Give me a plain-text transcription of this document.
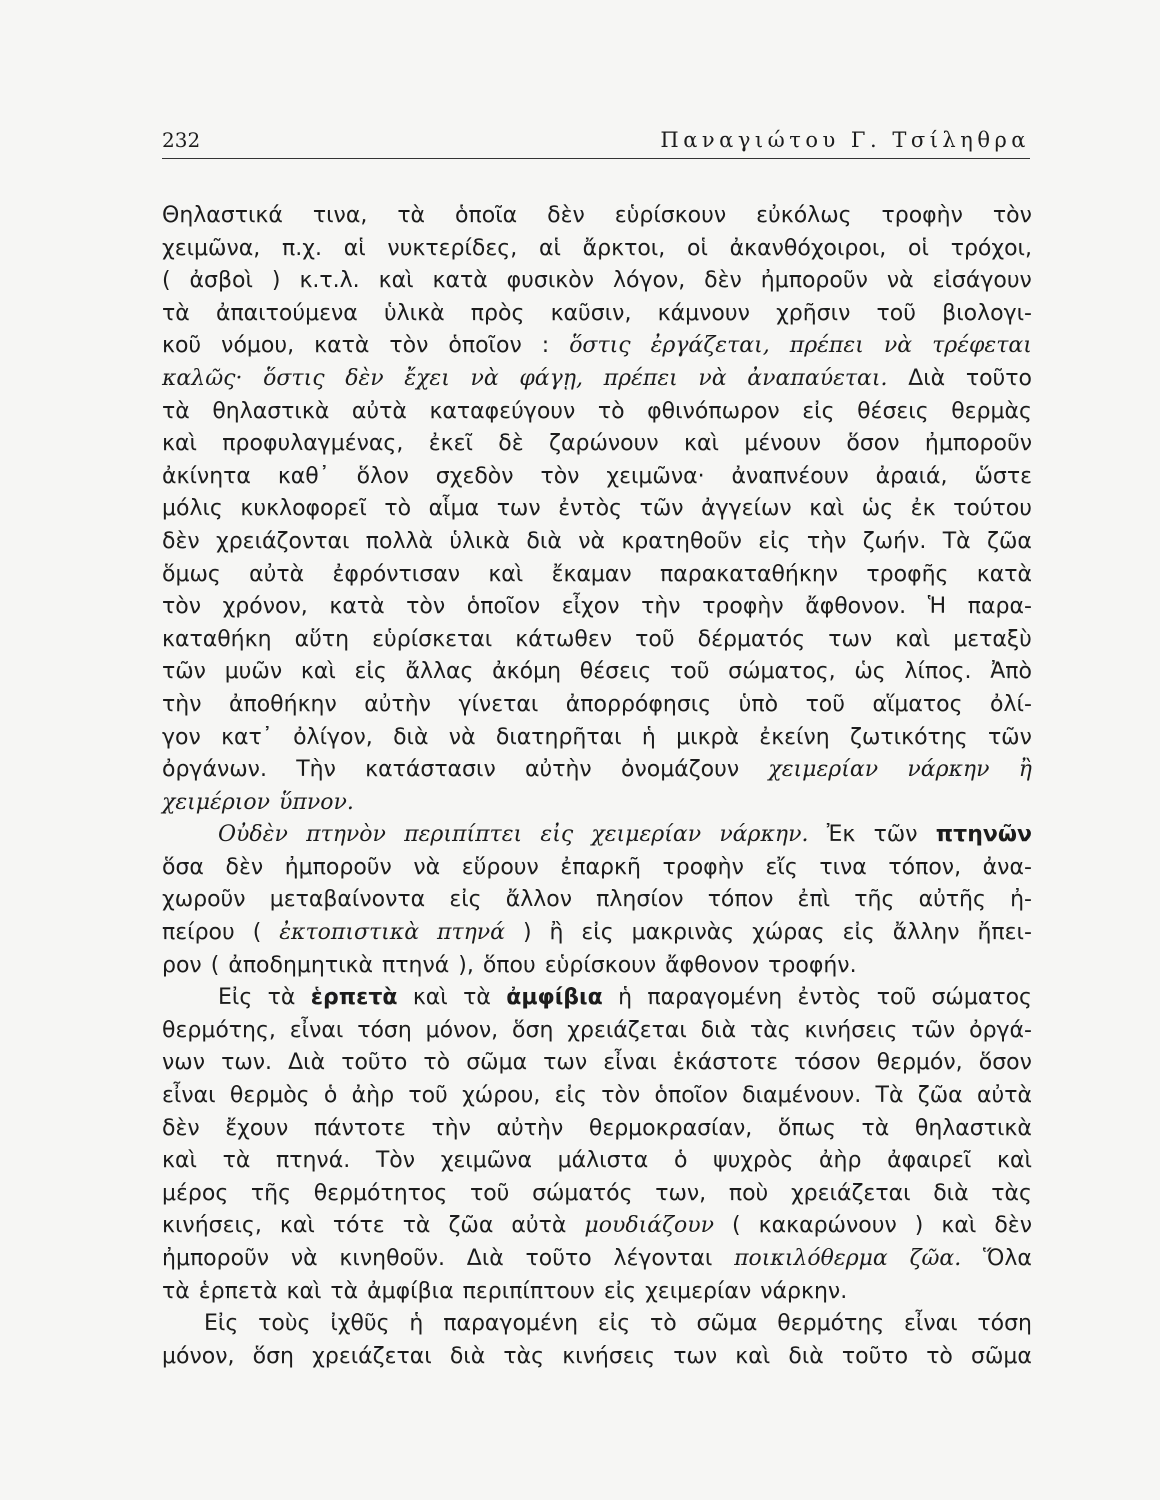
232	Παναγιώτου Γ. Τσίληθρα
Θηλαστικά τινα, τὰ ὁποῖα δὲν εὑρίσκουν εὐκόλως τροφὴν τὸν
χειμῶνα, π.χ. αἱ νυκτερίδες, αἱ ἄρκτοι, οἱ ἀκανθόχοιροι, οἱ τρόχοι,
( ἀσβοὶ ) κ.τ.λ. καὶ κατὰ φυσικὸν λόγον, δὲν ἠμποροῦν νὰ εἰσάγουν
τὰ ἀπαιτούμενα ὑλικὰ πρὸς καῦσιν, κάμνουν χρῆσιν τοῦ βιολογι-
κοῦ νόμου, κατὰ τὸν ὁποῖον : ὅστις ἐργάζεται, πρέπει νὰ τρέφεται
καλῶς· ὅστις δὲν ἔχει νὰ φάγῃ, πρέπει νὰ ἀναπαύεται. Διὰ τοῦτο
τὰ θηλαστικὰ αὐτὰ καταφεύγουν τὸ φθινόπωρον εἰς θέσεις θερμὰς
καὶ προφυλαγμένας, ἐκεῖ δὲ ζαρώνουν καὶ μένουν ὅσον ἠμποροῦν
ἀκίνητα καθ᾽ ὅλον σχεδὸν τὸν χειμῶνα· ἀναπνέουν ἀραιά, ὥστε
μόλις κυκλοφορεῖ τὸ αἷμα των ἐντὸς τῶν ἀγγείων καὶ ὡς ἐκ τούτου
δὲν χρειάζονται πολλὰ ὑλικὰ διὰ νὰ κρατηθοῦν εἰς τὴν ζωήν. Τὰ ζῶα
ὅμως αὐτὰ ἐφρόντισαν καὶ ἔκαμαν παρακαταθήκην τροφῆς κατὰ
τὸν χρόνον, κατὰ τὸν ὁποῖον εἶχον τὴν τροφὴν ἄφθονον. Ἡ παρα-
καταθήκη αὕτη εὑρίσκεται κάτωθεν τοῦ δέρματός των καὶ μεταξὺ
τῶν μυῶν καὶ εἰς ἄλλας ἀκόμη θέσεις τοῦ σώματος, ὡς λίπος. Ἀπὸ
τὴν ἀποθήκην αὐτὴν γίνεται ἀπορρόφησις ὑπὸ τοῦ αἵματος ὀλί-
γον κατ᾽ ὀλίγον, διὰ νὰ διατηρῆται ἡ μικρὰ ἐκείνη ζωτικότης τῶν
ὀργάνων. Τὴν κατάστασιν αὐτὴν ὀνομάζουν χειμερίαν νάρκην ἢ
χειμέριον ὕπνον.
Οὐδὲν πτηνὸν περιπίπτει εἰς χειμερίαν νάρκην. Ἐκ τῶν πτηνῶν
ὅσα δὲν ἠμποροῦν νὰ εὕρουν ἐπαρκῆ τροφὴν εἴς τινα τόπον, ἀνα-
χωροῦν μεταβαίνοντα εἰς ἄλλον πλησίον τόπον ἐπὶ τῆς αὐτῆς ἠ-
πείρου ( ἐκτοπιστικὰ πτηνά ) ἢ εἰς μακρινὰς χώρας εἰς ἄλλην ἤπει-
ρον ( ἀποδημητικὰ πτηνά ), ὅπου εὑρίσκουν ἄφθονον τροφήν.
Εἰς τὰ ἑρπετὰ καὶ τὰ ἀμφίβια ἡ παραγομένη ἐντὸς τοῦ σώματος
θερμότης, εἶναι τόση μόνον, ὅση χρειάζεται διὰ τὰς κινήσεις τῶν ὀργά-
νων των. Διὰ τοῦτο τὸ σῶμα των εἶναι ἑκάστοτε τόσον θερμόν, ὅσον
εἶναι θερμὸς ὁ ἀὴρ τοῦ χώρου, εἰς τὸν ὁποῖον διαμένουν. Τὰ ζῶα αὐτὰ
δὲν ἔχουν πάντοτε τὴν αὐτὴν θερμοκρασίαν, ὅπως τὰ θηλαστικὰ
καὶ τὰ πτηνά. Τὸν χειμῶνα μάλιστα ὁ ψυχρὸς ἀὴρ ἀφαιρεῖ καὶ
μέρος τῆς θερμότητος τοῦ σώματός των, ποὺ χρειάζεται διὰ τὰς
κινήσεις, καὶ τότε τὰ ζῶα αὐτὰ μουδιάζουν ( κακαρώνουν ) καὶ δὲν
ἠμποροῦν νὰ κινηθοῦν. Διὰ τοῦτο λέγονται ποικιλόθερμα ζῶα. Ὅλα
τὰ ἑρπετὰ καὶ τὰ ἀμφίβια περιπίπτουν εἰς χειμερίαν νάρκην.
Εἰς τοὺς ἰχθῦς ἡ παραγομένη εἰς τὸ σῶμα θερμότης εἶναι τόση
μόνον, ὅση χρειάζεται διὰ τὰς κινήσεις των καὶ διὰ τοῦτο τὸ σῶμα
